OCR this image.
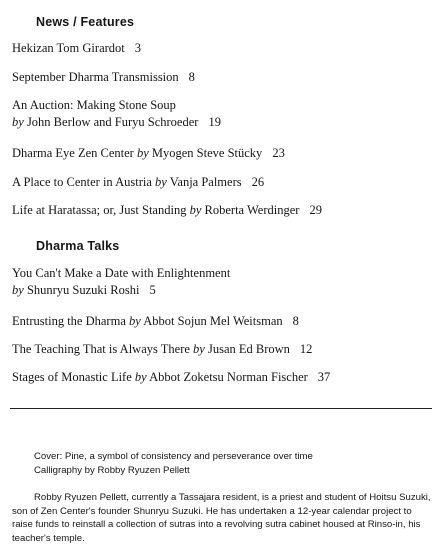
News / Features
Hekizan Tom Girardot 3
September Dharma Transmission 8
An Auction: Making Stone Soup
by John Berlow and Furyu Schroeder 19
Dharma Eye Zen Center by Myogen Steve Stücky 23
A Place to Center in Austria by Vanja Palmers 26
Life at Haratassa; or, Just Standing by Roberta Werdinger 29
Dharma Talks
You Can't Make a Date with Enlightenment
by Shunryu Suzuki Roshi 5
Entrusting the Dharma by Abbot Sojun Mel Weitsman 8
The Teaching That is Always There by Jusan Ed Brown 12
Stages of Monastic Life by Abbot Zoketsu Norman Fischer 37
Cover: Pine, a symbol of consistency and perseverance over time
Calligraphy by Robby Ryuzen Pellett

Robby Ryuzen Pellett, currently a Tassajara resident, is a priest and student of Hoitsu Suzuki, son of Zen Center's founder Shunryu Suzuki. He has undertaken a 12-year calendar project to raise funds to reinstall a collection of sutras into a revolving sutra cabinet housed at Rinso-in, his teacher's temple.
